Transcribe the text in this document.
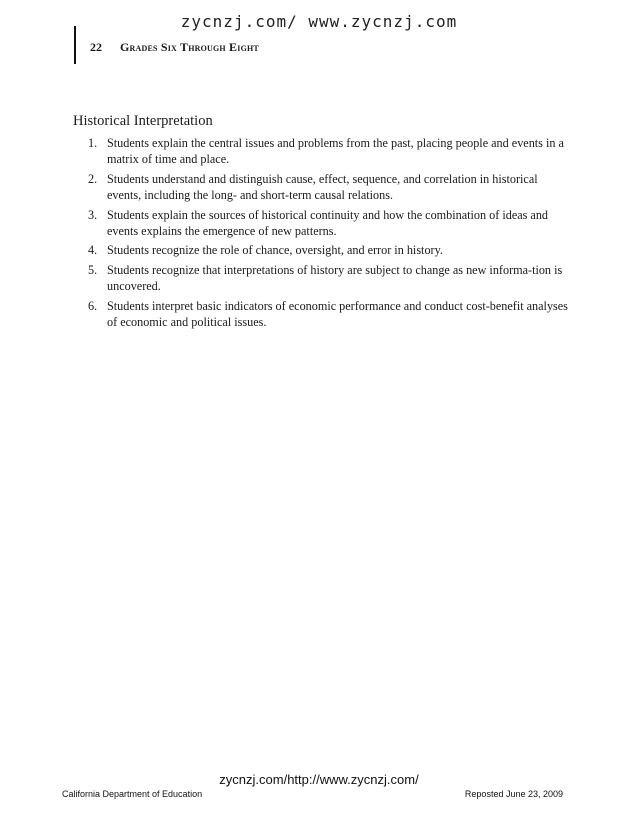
zycnzj.com/ www.zycnzj.com
22 Grades Six Through Eight
Historical Interpretation
1. Students explain the central issues and problems from the past, placing people and events in a matrix of time and place.
2. Students understand and distinguish cause, effect, sequence, and correlation in historical events, including the long- and short-term causal relations.
3. Students explain the sources of historical continuity and how the combination of ideas and events explains the emergence of new patterns.
4. Students recognize the role of chance, oversight, and error in history.
5. Students recognize that interpretations of history are subject to change as new informa-tion is uncovered.
6. Students interpret basic indicators of economic performance and conduct cost-benefit analyses of economic and political issues.
zycnzj.com/http://www.zycnzj.com/
California Department of Education	Reposted June 23, 2009
